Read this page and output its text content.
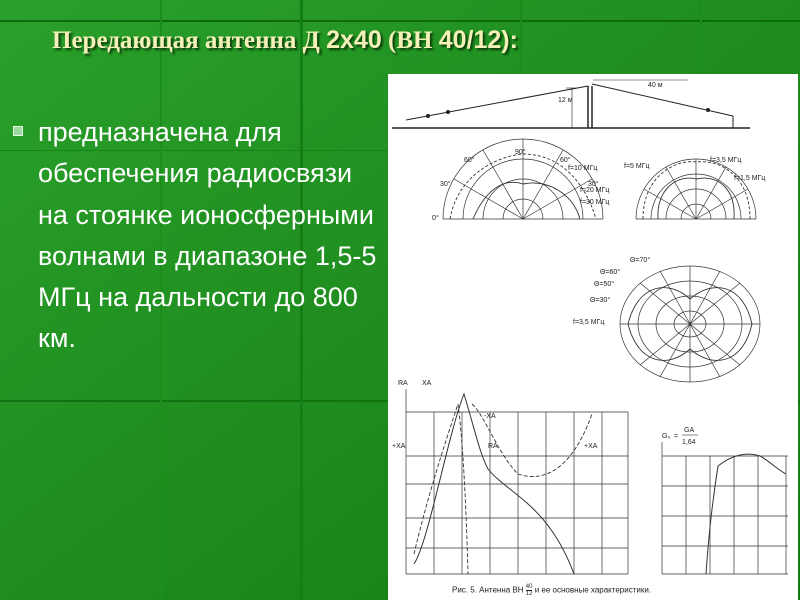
Передающая антенна Д 2х40 (ВН 40/12):
предназначена для обеспечения радиосвязи на стоянке ионосферными волнами в диапазоне 1,5-5 МГц на дальности до 800 км.
40 м
12 м
90°
60°	60°
30°	30°
0°
f=10 МГц
f=20 МГц
f=30 МГц
f=5 МГц
f=3,5 МГц
f=1,5 МГц
Θ=70°
Θ=60°
Θ=50°
Θ=30°
f=3,5 МГц
RA XA
-XA
+XA	RA	+XA
G₀ =
GA
1,64
Рис. 5. Антенна ВН $\frac{40}{12}$ и ее основные характеристики.
